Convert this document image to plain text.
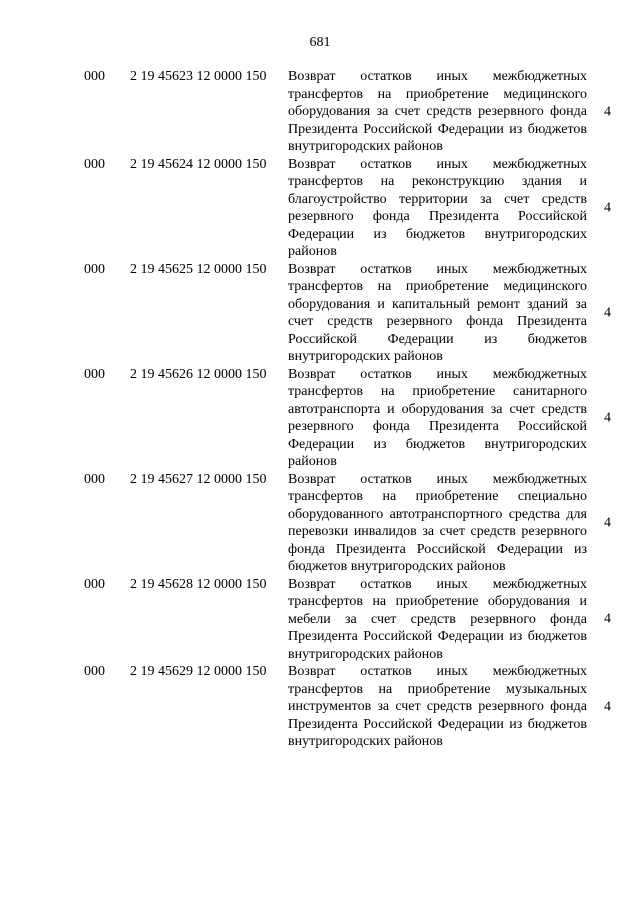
681
000 2 19 45623 12 0000 150 Возврат остатков иных межбюджетных трансфертов на приобретение медицинского оборудования за счет средств резервного фонда Президента Российской Федерации из бюджетов внутригородских районов
4
000 2 19 45624 12 0000 150 Возврат остатков иных межбюджетных трансфертов на реконструкцию здания и благоустройство территории за счет средств резервного фонда Президента Российской Федерации из бюджетов внутригородских районов
4
000 2 19 45625 12 0000 150 Возврат остатков иных межбюджетных трансфертов на приобретение медицинского оборудования и капитальный ремонт зданий за счет средств резервного фонда Президента Российской Федерации из бюджетов внутригородских районов
4
000 2 19 45626 12 0000 150 Возврат остатков иных межбюджетных трансфертов на приобретение санитарного автотранспорта и оборудования за счет средств резервного фонда Президента Российской Федерации из бюджетов внутригородских районов
4
000 2 19 45627 12 0000 150 Возврат остатков иных межбюджетных трансфертов на приобретение специально оборудованного автотранспортного средства для перевозки инвалидов за счет средств резервного фонда Президента Российской Федерации из бюджетов внутригородских районов
4
000 2 19 45628 12 0000 150 Возврат остатков иных межбюджетных трансфертов на приобретение оборудования и мебели за счет средств резервного фонда Президента Российской Федерации из бюджетов внутригородских районов
4
000 2 19 45629 12 0000 150 Возврат остатков иных межбюджетных трансфертов на приобретение музыкальных инструментов за счет средств резервного фонда Президента Российской Федерации из бюджетов внутригородских районов
4
